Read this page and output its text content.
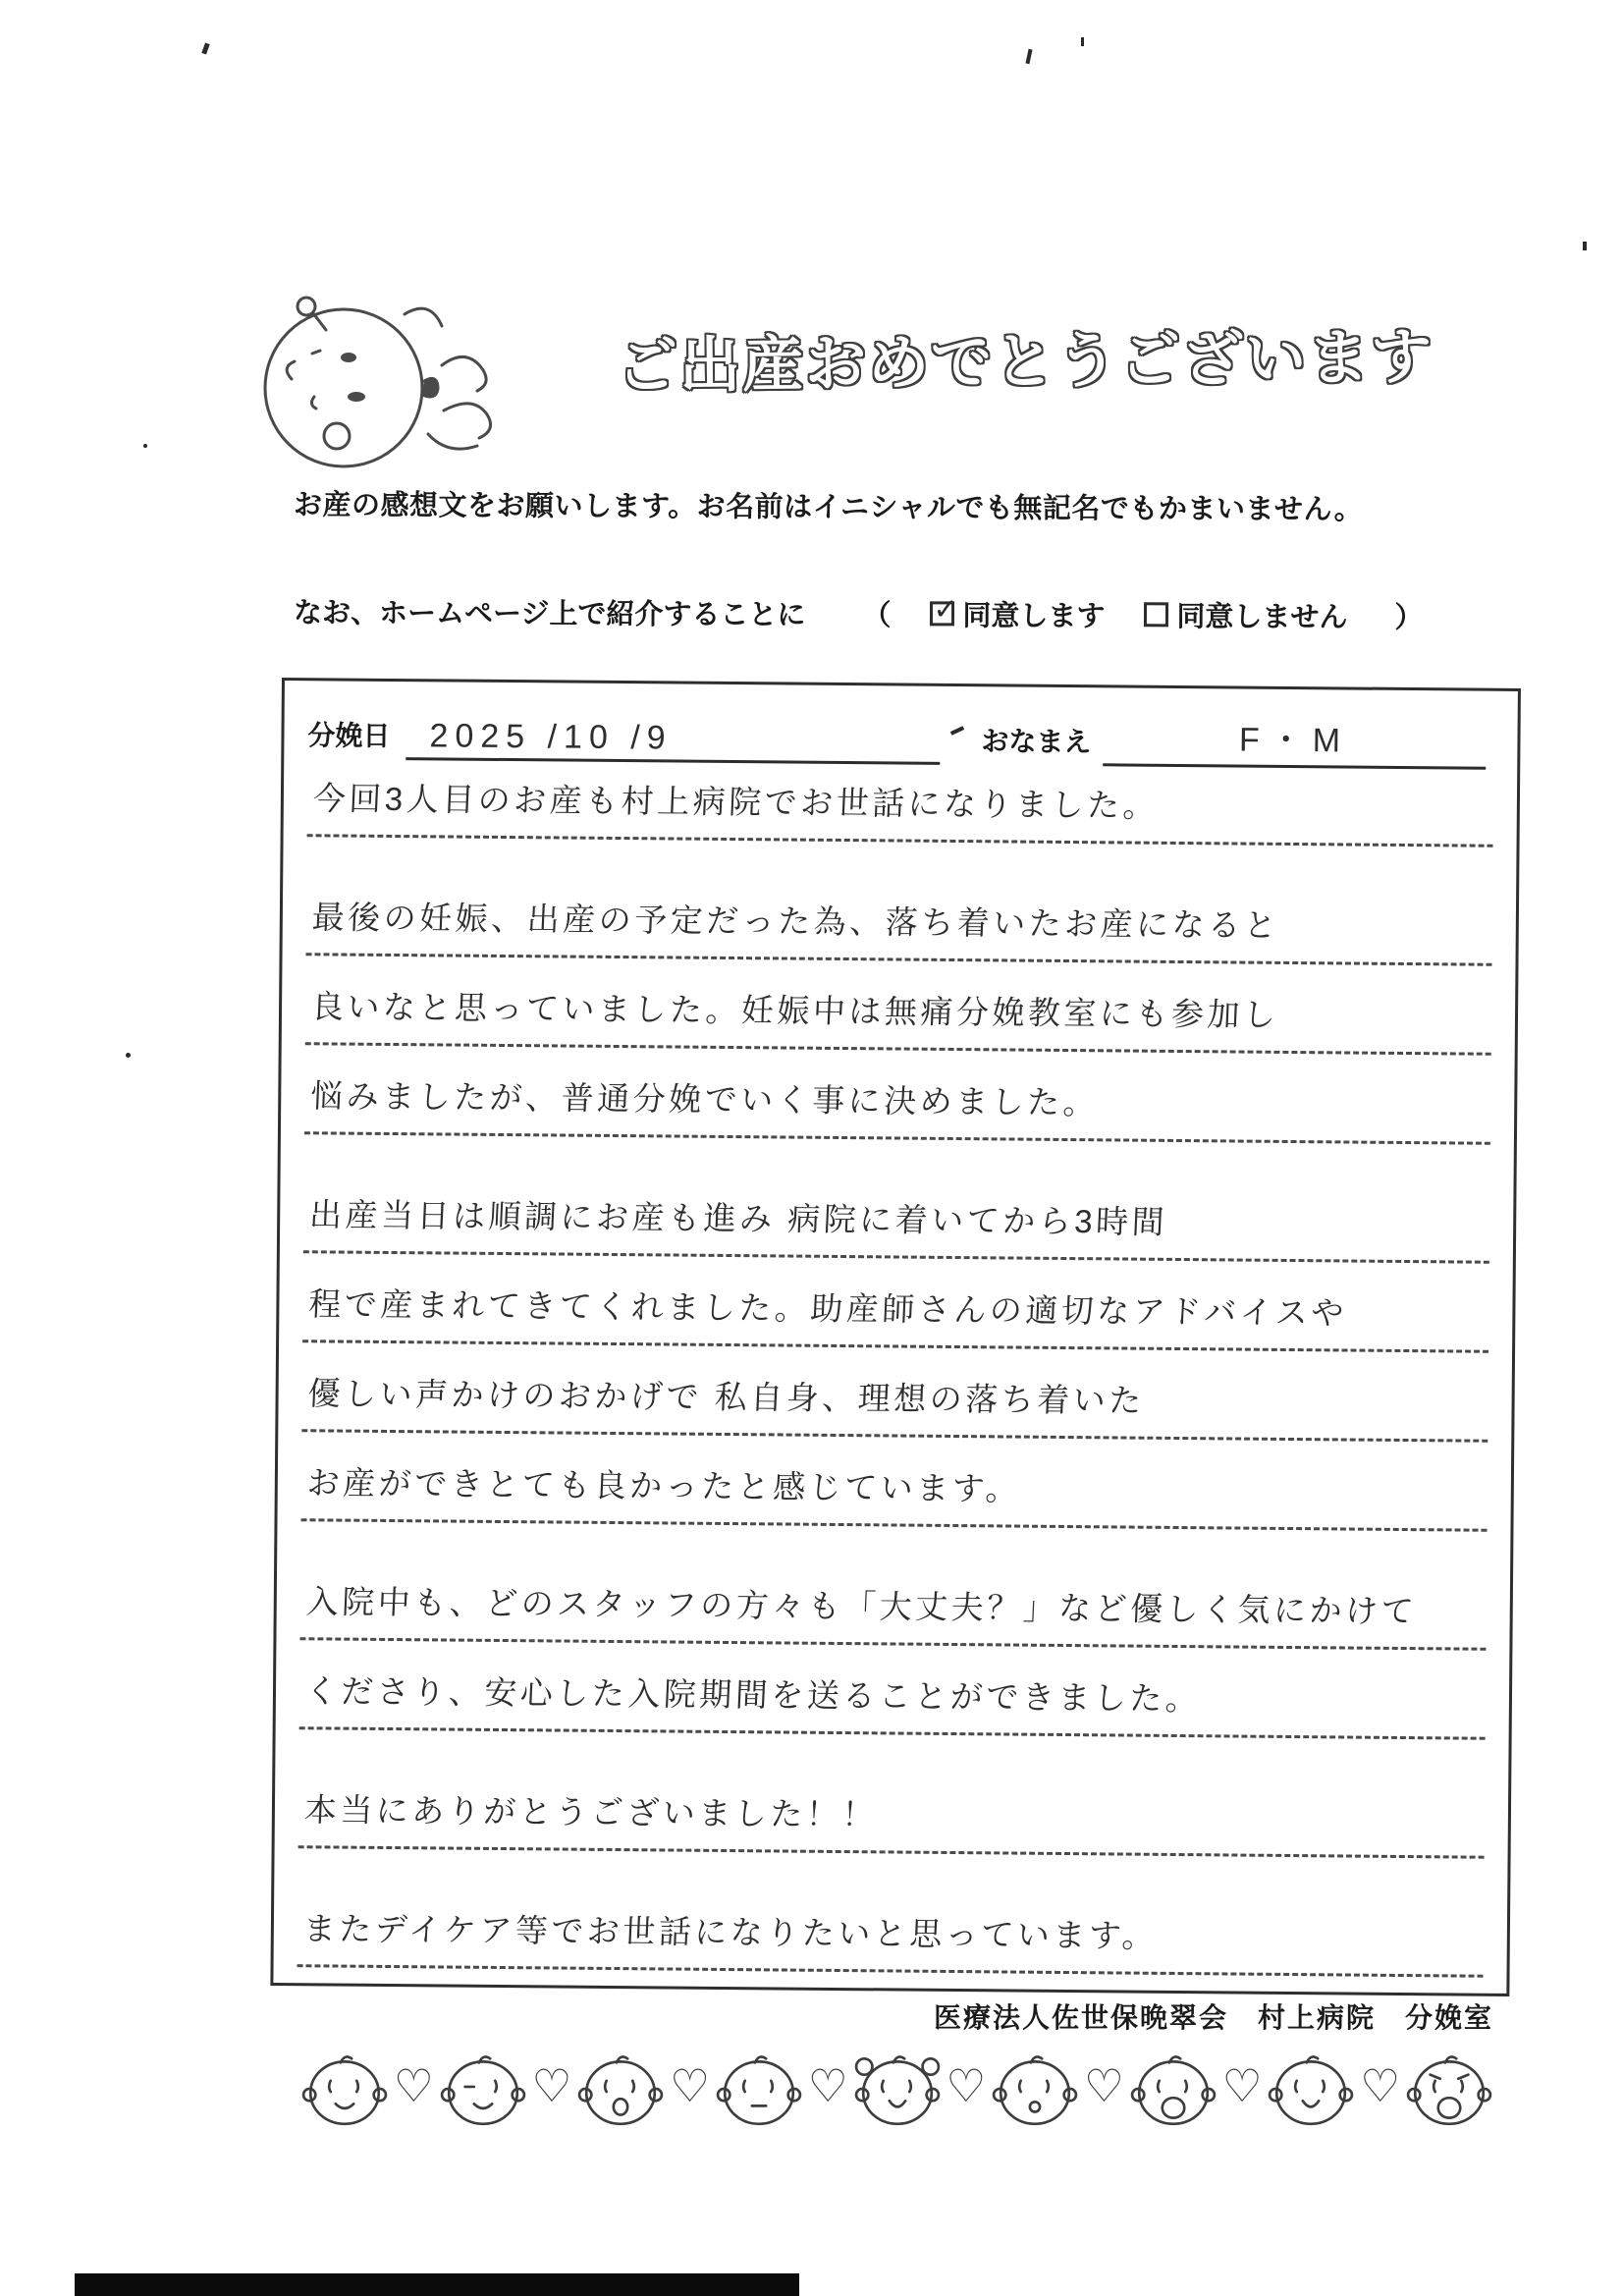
ご出産おめでとうございます
お産の感想文をお願いします。お名前はイニシャルでも無記名でもかまいません。
なお、ホームページ上で紹介することに （ ✓ 同意します	同意しません ）
分娩日	2025 /10 /9	おなまえ	F・M
今回3人目のお産も村上病院でお世話になりました。
最後の妊娠、出産の予定だった為、落ち着いたお産になると
良いなと思っていました。妊娠中は無痛分娩教室にも参加し
悩みましたが、普通分娩でいく事に決めました。
出産当日は順調にお産も進み 病院に着いてから3時間
程で産まれてきてくれました。助産師さんの適切なアドバイスや
優しい声かけのおかげで 私自身、理想の落ち着いた
お産ができとても良かったと感じています。
入院中も、どのスタッフの方々も「大丈夫？」など優しく気にかけて
くださり、安心した入院期間を送ることができました。
本当にありがとうございました！！
またデイケア等でお世話になりたいと思っています。
医療法人佐世保晩翠会　村上病院　分娩室
♡ ♡ ♡ ♡ ♡ ♡ ♡ ♡
